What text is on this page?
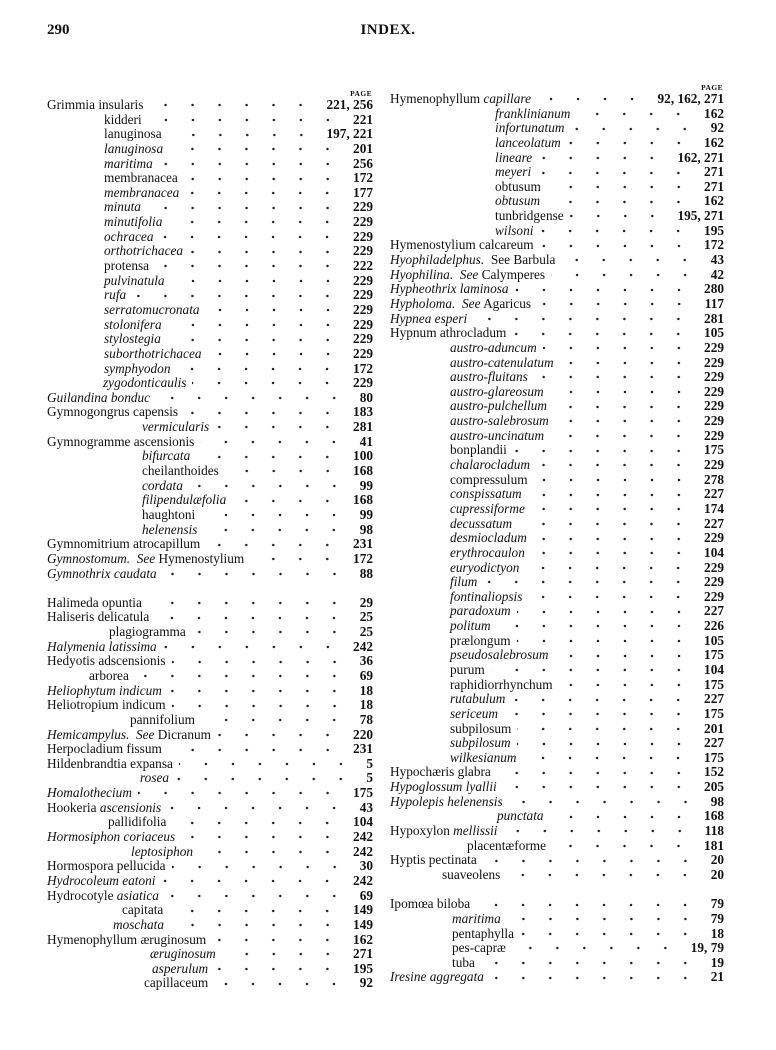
290	INDEX.
PAGE
Grimmia insularis	221, 256
kidderi	221
lanuginosa	197, 221
lanuginosa	201
maritima	256
membranacea	172
membranacea	177
minuta	229
minutifolia	229
ochracea	229
orthotrichacea	229
protensa	222
pulvinatula	229
rufa	229
serratomucronata	229
stolonifera	229
stylostegia	229
suborthotrichacea	229
symphyodon	172
zygodonticaulis	229
Guilandina bonduc	80
Gymnogongrus capensis	183
vermicularis	281
Gymnogramme ascensionis	41
bifurcata	100
cheilanthoides	168
cordata	99
filipendulæfolia	168
haughtoni	99
helenensis	98
Gymnomitrium atrocapillum	231
Gymnostomum.  See Hymenostylium	172
Gymnothrix caudata	88
Halimeda opuntia	29
Haliseris delicatula	25
plagiogramma	25
Halymenia latissima	242
Hedyotis adscensionis	36
arborea	69
Heliophytum indicum	18
Heliotropium indicum	18
pannifolium	78
Hemicampylus.  See Dicranum	220
Herpocladium fissum	231
Hildenbrandtia expansa	5
rosea	5
Homalothecium	175
Hookeria ascensionis	43
pallidifolia	104
Hormosiphon coriaceus	242
leptosiphon	242
Hormospora pellucida	30
Hydrocoleum eatoni	242
Hydrocotyle asiatica	69
capitata	149
moschata	149
Hymenophyllum æruginosum	162
æruginosum	271
asperulum	195
capillaceum	92
PAGE
Hymenophyllum capillare	92, 162, 271
franklinianum	162
infortunatum	92
lanceolatum	162
lineare	162, 271
meyeri	271
obtusum	271
obtusum	162
tunbridgense	195, 271
wilsoni	195
Hymenostylium calcareum	172
Hyophiladelphus.  See Barbula	43
Hyophilina.  See Calymperes	42
Hypheothrix laminosa	280
Hypholoma.  See Agaricus	117
Hypnea esperi	281
Hypnum athrocladum	105
austro-aduncum	229
austro-catenulatum	229
austro-fluitans	229
austro-glareosum	229
austro-pulchellum	229
austro-salebrosum	229
austro-uncinatum	229
bonplandii	175
chalarocladum	229
compressulum	278
conspissatum	227
cupressiforme	174
decussatum	227
desmiocladum	229
erythrocaulon	104
euryodictyon	229
filum	229
fontinaliopsis	229
paradoxum	227
politum	226
prælongum	105
pseudosalebrosum	175
purum	104
raphidiorrhynchum	175
rutabulum	227
sericeum	175
subpilosum	201
subpilosum	227
wilkesianum	175
Hypochæris glabra	152
Hypoglossum lyallii	205
Hypolepis helenensis	98
punctata	168
Hypoxylon mellissii	118
placentæforme	181
Hyptis pectinata	20
suaveolens	20
Ipomœa biloba	79
maritima	79
pentaphylla	18
pes-capræ	19, 79
tuba	19
Iresine aggregata	21
